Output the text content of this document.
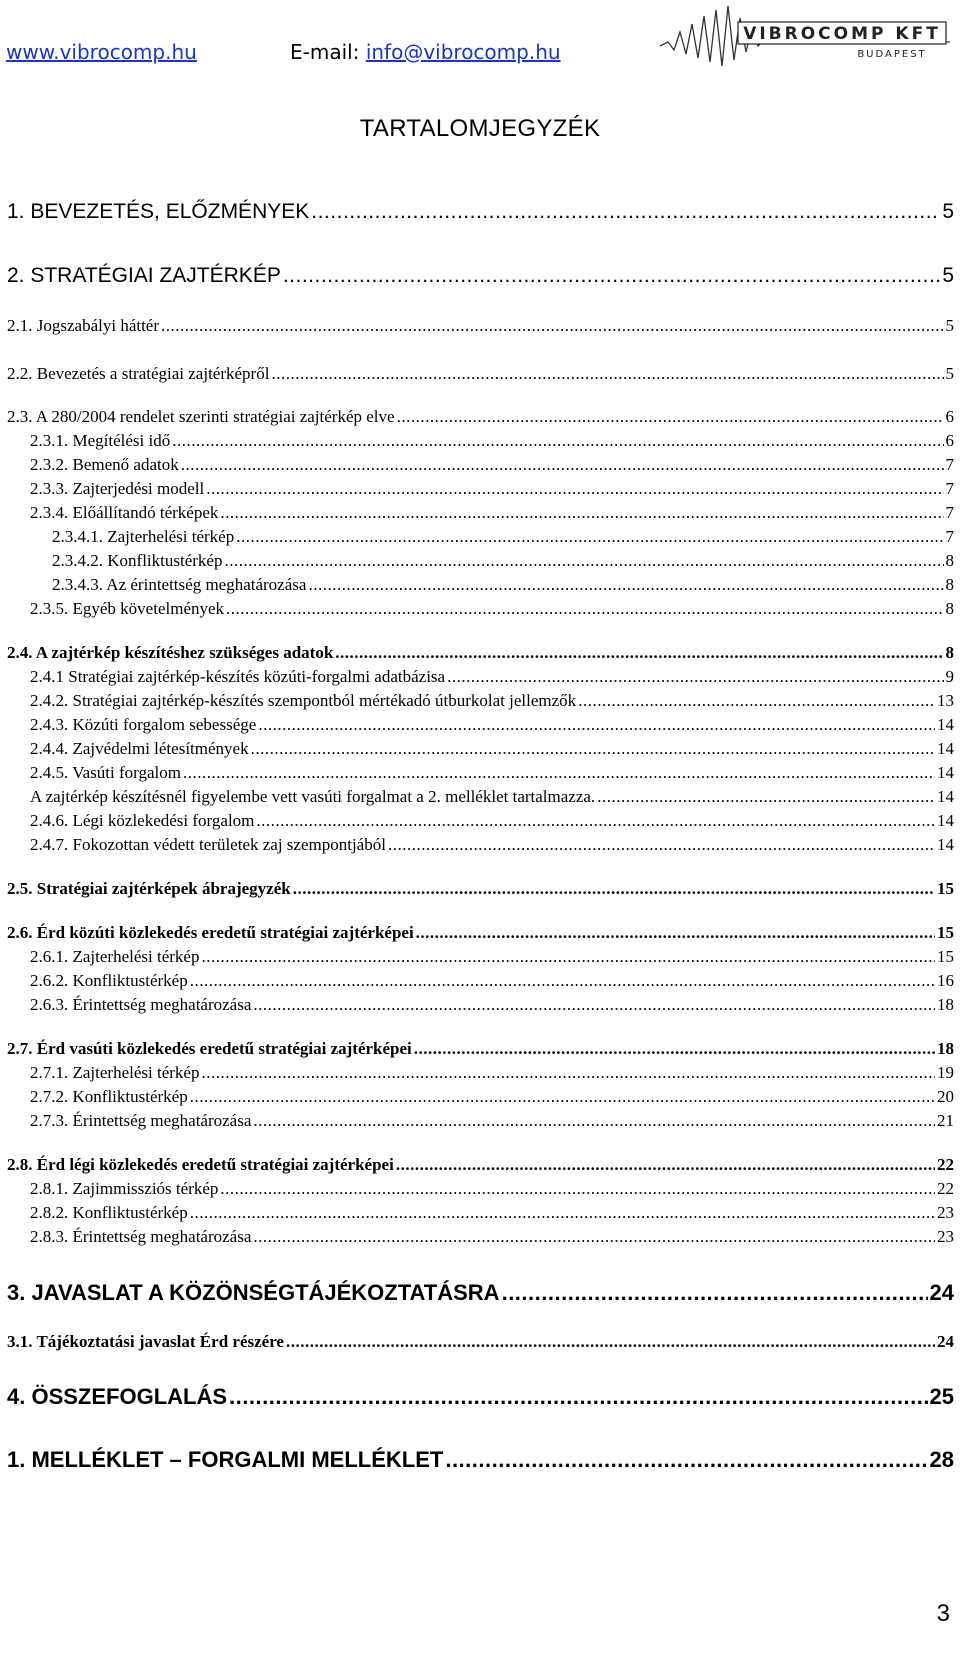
www.vibrocomp.hu	E-mail: info@vibrocomp.hu
VIBROCOMP KFT
BUDAPEST
TARTALOMJEGYZÉK
1. BEVEZETÉS, ELŐZMÉNYEK .....	5
2. STRATÉGIAI ZAJTÉRKÉP .....	5
2.1. Jogszabályi háttér .....	5
2.2. Bevezetés a stratégiai zajtérképről .....	5
2.3. A 280/2004 rendelet szerinti stratégiai zajtérkép elve .....	6
2.3.1. Megítélési idő .....	6
2.3.2. Bemenő adatok .....	7
2.3.3. Zajterjedési modell .....	7
2.3.4. Előállítandó térképek .....	7
2.3.4.1. Zajterhelési térkép .....	7
2.3.4.2. Konfliktustérkép .....	8
2.3.4.3. Az érintettség meghatározása .....	8
2.3.5. Egyéb követelmények .....	8
2.4. A zajtérkép készítéshez szükséges adatok .....	8
2.4.1 Stratégiai zajtérkép-készítés közúti-forgalmi adatbázisa .....	9
2.4.2. Stratégiai zajtérkép-készítés szempontból mértékadó útburkolat jellemzők .....	13
2.4.3. Közúti forgalom sebessége .....	14
2.4.4. Zajvédelmi létesítmények .....	14
2.4.5. Vasúti forgalom .....	14
A zajtérkép készítésnél figyelembe vett vasúti forgalmat a 2. melléklet tartalmazza. .....	14
2.4.6. Légi közlekedési forgalom .....	14
2.4.7. Fokozottan védett területek zaj szempontjából .....	14
2.5. Stratégiai zajtérképek ábrajegyzék .....	15
2.6. Érd közúti közlekedés eredetű stratégiai zajtérképei .....	15
2.6.1. Zajterhelési térkép .....	15
2.6.2. Konfliktustérkép .....	16
2.6.3. Érintettség meghatározása .....	18
2.7. Érd vasúti közlekedés eredetű stratégiai zajtérképei .....	18
2.7.1. Zajterhelési térkép .....	19
2.7.2. Konfliktustérkép .....	20
2.7.3. Érintettség meghatározása .....	21
2.8. Érd légi közlekedés eredetű stratégiai zajtérképei .....	22
2.8.1. Zajimmissziós térkép .....	22
2.8.2. Konfliktustérkép .....	23
2.8.3. Érintettség meghatározása .....	23
3. JAVASLAT A KÖZÖNSÉGTÁJÉKOZTATÁSRA .....	24
3.1. Tájékoztatási javaslat Érd részére .....	24
4. ÖSSZEFOGLALÁS .....	25
1. MELLÉKLET – FORGALMI MELLÉKLET .....	28
3
